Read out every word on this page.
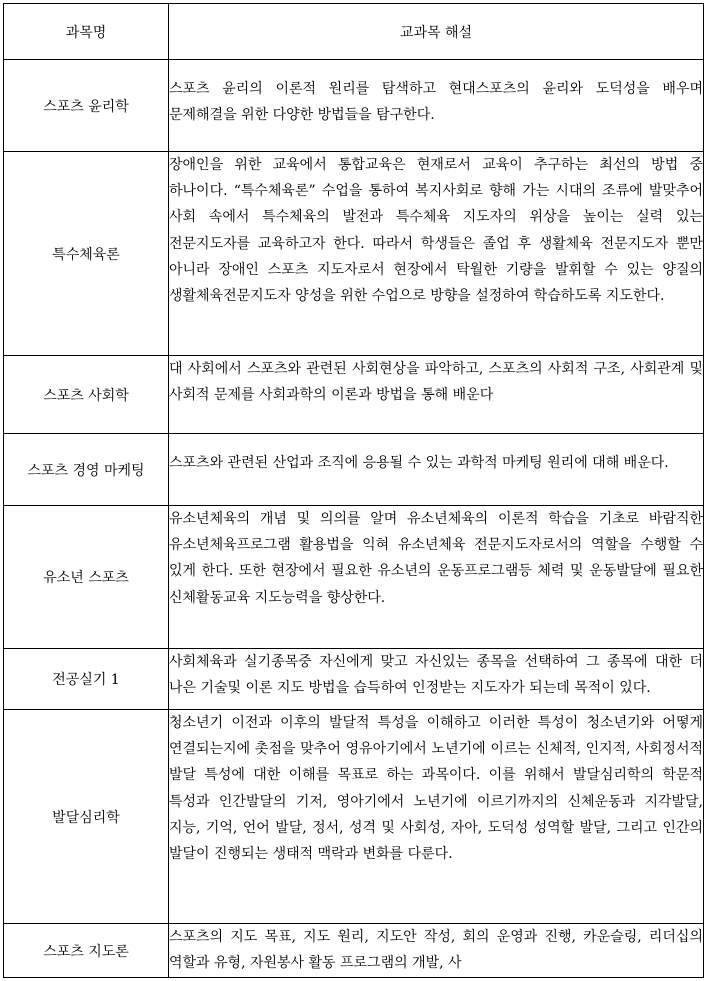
과목명	교과목 해설
스포츠 윤리학	스포츠 윤리의 이론적 원리를 탐색하고 현대스포츠의 윤리와 도덕성을 배우며 문제해결을 위한 다양한 방법들을 탐구한다.
특수체육론	장애인을 위한 교육에서 통합교육은 현재로서 교육이 추구하는 최선의 방법 중 하나이다. “특수체육론” 수업을 통하여 복지사회로 향해 가는 시대의 조류에 발맞추어 사회 속에서 특수체육의 발전과 특수체육 지도자의 위상을 높이는 실력 있는 전문지도자를 교육하고자 한다. 따라서 학생들은 졸업 후 생활체육 전문지도자 뿐만 아니라 장애인 스포츠 지도자로서 현장에서 탁월한 기량을 발휘할 수 있는 양질의 생활체육전문지도자 양성을 위한 수업으로 방향을 설정하여 학습하도록 지도한다.
스포츠 사회학	대 사회에서 스포츠와 관련된 사회현상을 파악하고, 스포츠의 사회적 구조, 사회관계 및 사회적 문제를 사회과학의 이론과 방법을 통해 배운다
스포츠 경영 마케팅	스포츠와 관련된 산업과 조직에 응용될 수 있는 과학적 마케팅 원리에 대해 배운다.
유소년 스포츠	유소년체육의 개념 및 의의를 알며 유소년체육의 이론적 학습을 기초로 바람직한 유소년체육프로그램 활용법을 익혀 유소년체육 전문지도자로서의 역할을 수행할 수 있게 한다. 또한 현장에서 필요한 유소년의 운동프로그램등 체력 및 운동발달에 필요한 신체활동교육 지도능력을 향상한다.
전공실기 1	사회체육과 실기종목중 자신에게 맞고 자신있는 종목을 선택하여 그 종목에 대한 더 나은 기술및 이론 지도 방법을 습득하여 인정받는 지도자가 되는데 목적이 있다.
발달심리학	청소년기 이전과 이후의 발달적 특성을 이해하고 이러한 특성이 청소년기와 어떻게 연결되는지에 촛점을 맞추어 영유아기에서 노년기에 이르는 신체적, 인지적, 사회정서적 발달 특성에 대한 이해를 목표로 하는 과목이다. 이를 위해서 발달심리학의 학문적 특성과 인간발달의 기저, 영아기에서 노년기에 이르기까지의 신체운동과 지각발달, 지능, 기억, 언어 발달, 정서, 성격 및 사회성, 자아, 도덕성 성역할 발달, 그리고 인간의 발달이 진행되는 생태적 맥락과 변화를 다룬다.
스포츠 지도론	스포츠의 지도 목표, 지도 원리, 지도안 작성, 회의 운영과 진행, 카운슬링, 리더십의 역할과 유형, 자원봉사 활동 프로그램의 개발, 사
